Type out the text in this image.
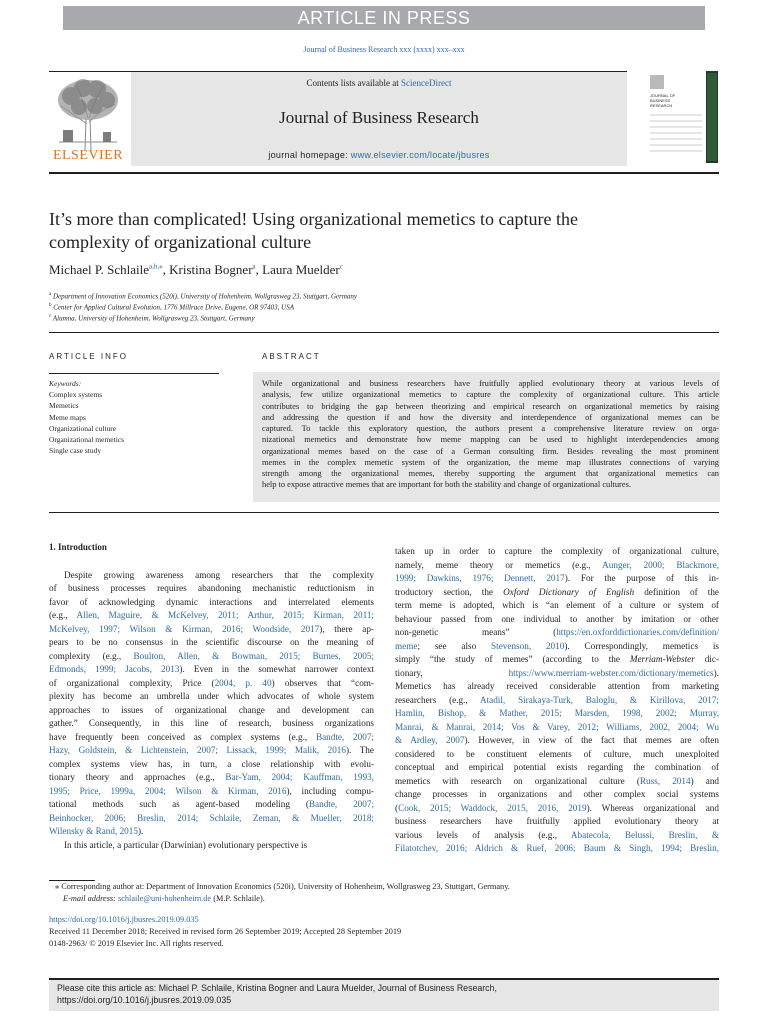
ARTICLE IN PRESS
Journal of Business Research xxx (xxxx) xxx–xxx
Contents lists available at ScienceDirect
Journal of Business Research
journal homepage: www.elsevier.com/locate/jbusres
ELSEVIER
JOURNAL OF
BUSINESS
RESEARCH
It’s more than complicated! Using organizational memetics to capture the
complexity of organizational culture
Michael P. Schlaile$^{a,b,⁎}$, Kristina Bogner$^a$, Laura Muelder$^c$
$^a$ Department of Innovation Economics (520i), University of Hohenheim, Wollgrasweg 23, Stuttgart, Germany
$^b$ Center for Applied Cultural Evolution, 1776 Millrace Drive, Eugene, OR 97403, USA
$^c$ Alumna, University of Hohenheim, Wollgrasweg 23, Stuttgart, Germany
ARTICLE INFO	ABSTRACT
Keywords:
Complex systems
Memetics
Meme maps
Organizational culture
Organizational memetics
Single case study
While organizational and business researchers have fruitfully applied evolutionary theory at various levels of
analysis, few utilize organizational memetics to capture the complexity of organizational culture. This article
contributes to bridging the gap between theorizing and empirical research on organizational memetics by raising
and addressing the question if and how the diversity and interdependence of organizational memes can be
captured. To tackle this exploratory question, the authors present a comprehensive literature review on orga-
nizational memetics and demonstrate how meme mapping can be used to highlight interdependencies among
organizational memes based on the case of a German consulting firm. Besides revealing the most prominent
memes in the complex memetic system of the organization, the meme map illustrates connections of varying
strength among the organizational memes, thereby supporting the argument that organizational memetics can
help to expose attractive memes that are important for both the stability and change of organizational cultures.

1. Introduction

Despite growing awareness among researchers that the complexity
of business processes requires abandoning mechanistic reductionism in
favor of acknowledging dynamic interactions and interrelated elements
(e.g., Allen, Maguire, & McKelvey, 2011; Arthur, 2015; Kirman, 2011;
McKelvey, 1997; Wilson & Kirman, 2016; Woodside, 2017), there ap-
pears to be no consensus in the scientific discourse on the meaning of
complexity (e.g., Boulton, Allen, & Bowman, 2015; Burnes, 2005;
Edmonds, 1999; Jacobs, 2013). Even in the somewhat narrower context
of organizational complexity, Price (2004, p. 40) observes that “com-
plexity has become an umbrella under which advocates of whole system
approaches to issues of organizational change and development can
gather.” Consequently, in this line of research, business organizations
have frequently been conceived as complex systems (e.g., Bandte, 2007;
Hazy, Goldstein, & Lichtenstein, 2007; Lissack, 1999; Malik, 2016). The
complex systems view has, in turn, a close relationship with evolu-
tionary theory and approaches (e.g., Bar-Yam, 2004; Kauffman, 1993,
1995; Price, 1999a, 2004; Wilson & Kirman, 2016), including compu-
tational methods such as agent-based modeling (Bandte, 2007;
Beinhocker, 2006; Breslin, 2014; Schlaile, Zeman, & Mueller, 2018;
Wilensky & Rand, 2015).
In this article, a particular (Darwinian) evolutionary perspective is
taken up in order to capture the complexity of organizational culture,
namely, meme theory or memetics (e.g., Aunger, 2000; Blackmore,
1999; Dawkins, 1976; Dennett, 2017). For the purpose of this in-
troductory section, the Oxford Dictionary of English definition of the
term meme is adopted, which is “an element of a culture or system of
behaviour passed from one individual to another by imitation or other
non-genetic means” (https://en.oxforddictionaries.com/definition/
meme; see also Stevenson, 2010). Correspondingly, memetics is
simply “the study of memes” (according to the Merriam-Webster dic-
tionary, https://www.merriam-webster.com/dictionary/memetics).
Memetics has already received considerable attention from marketing
researchers (e.g., Atadil, Sirakaya-Turk, Baloglu, & Kirillova, 2017;
Hamlin, Bishop, & Mather, 2015; Marsden, 1998, 2002; Murray,
Manrai, & Manrai, 2014; Vos & Varey, 2012; Williams, 2002, 2004; Wu
& Ardley, 2007). However, in view of the fact that memes are often
considered to be constituent elements of culture, much unexploited
conceptual and empirical potential exists regarding the combination of
memetics with research on organizational culture (Russ, 2014) and
change processes in organizations and other complex social systems
(Cook, 2015; Waddock, 2015, 2016, 2019). Whereas organizational and
business researchers have fruitfully applied evolutionary theory at
various levels of analysis (e.g., Abatecola, Belussi, Breslin, &
Filatotchev, 2016; Aldrich & Ruef, 2006; Baum & Singh, 1994; Breslin,
⁎ Corresponding author at: Department of Innovation Economics (520i), University of Hohenheim, Wollgrasweg 23, Stuttgart, Germany.
E-mail address: schlaile@uni-hohenheim.de (M.P. Schlaile).
https://doi.org/10.1016/j.jbusres.2019.09.035
Received 11 December 2018; Received in revised form 26 September 2019; Accepted 28 September 2019
0148-2963/ © 2019 Elsevier Inc. All rights reserved.
Please cite this article as: Michael P. Schlaile, Kristina Bogner and Laura Muelder, Journal of Business Research,
https://doi.org/10.1016/j.jbusres.2019.09.035
